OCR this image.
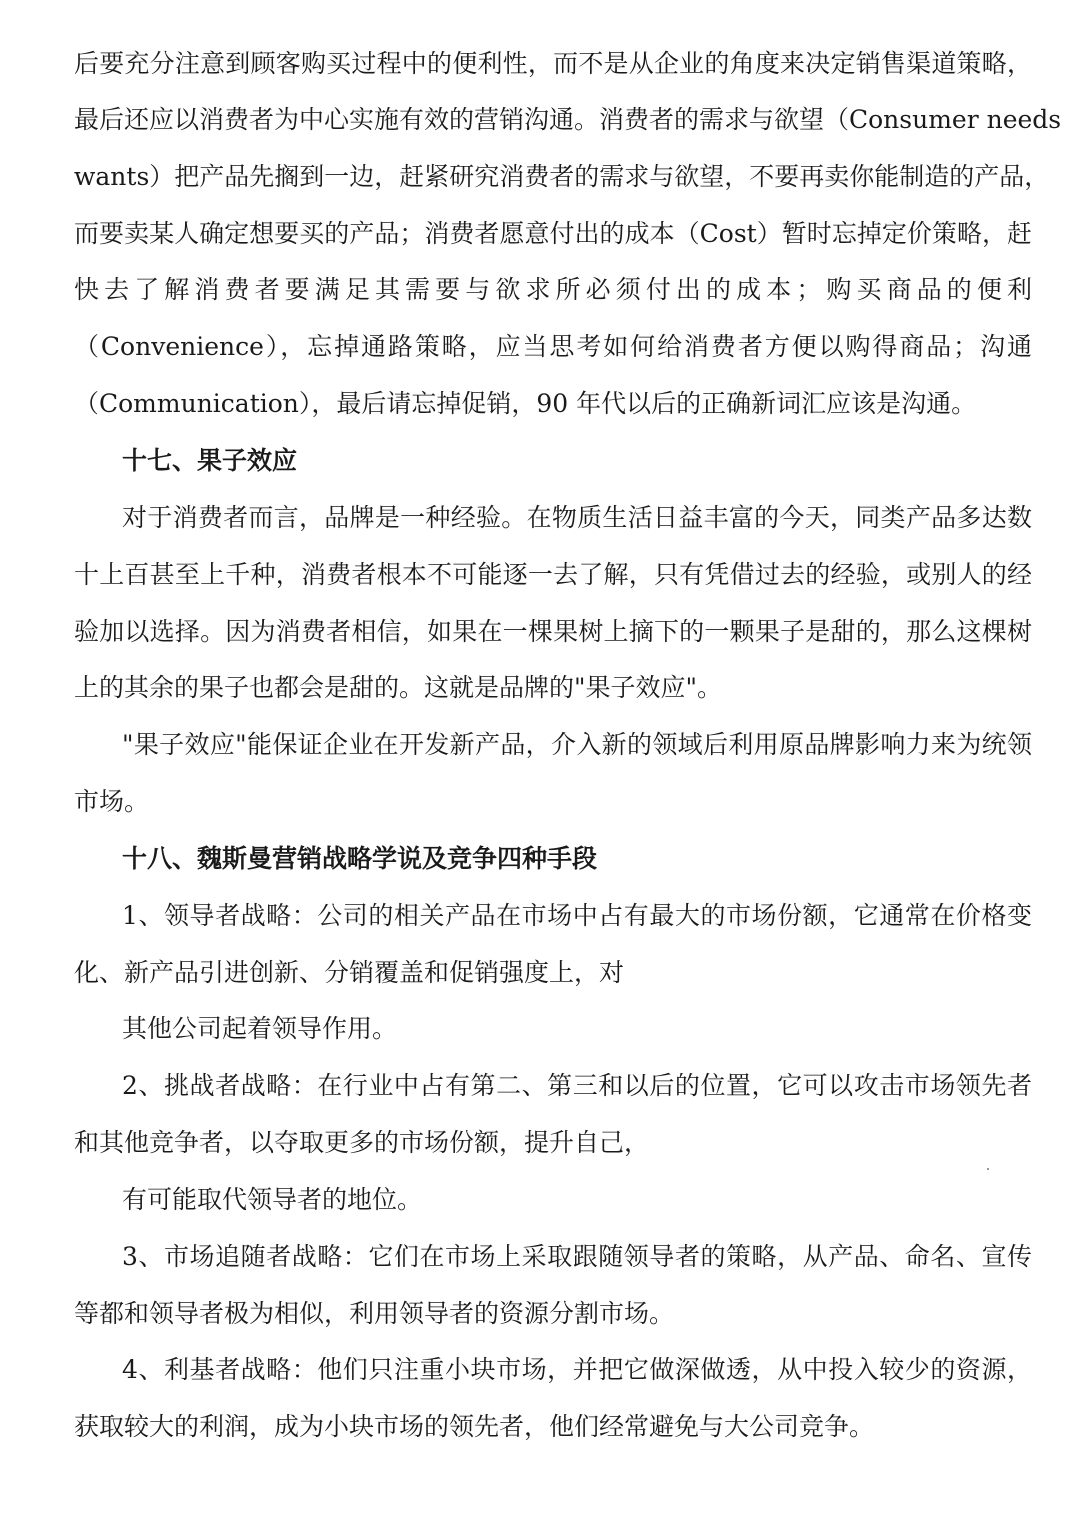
后要充分注意到顾客购买过程中的便利性，而不是从企业的角度来决定销售渠道策略，
最后还应以消费者为中心实施有效的营销沟通。消费者的需求与欲望（Consumer needs
wants）把产品先搁到一边，赶紧研究消费者的需求与欲望，不要再卖你能制造的产品，
而要卖某人确定想要买的产品；消费者愿意付出的成本（Cost）暂时忘掉定价策略，赶
快去了解消费者要满足其需要与欲求所必须付出的成本；购买商品的便利
（Convenience），忘掉通路策略，应当思考如何给消费者方便以购得商品；沟通
（Communication），最后请忘掉促销，90 年代以后的正确新词汇应该是沟通。
十七、果子效应
对于消费者而言，品牌是一种经验。在物质生活日益丰富的今天，同类产品多达数
十上百甚至上千种，消费者根本不可能逐一去了解，只有凭借过去的经验，或别人的经
验加以选择。因为消费者相信，如果在一棵果树上摘下的一颗果子是甜的，那么这棵树
上的其余的果子也都会是甜的。这就是品牌的"果子效应"。
"果子效应"能保证企业在开发新产品，介入新的领域后利用原品牌影响力来为统领
市场。
十八、魏斯曼营销战略学说及竞争四种手段
1、领导者战略：公司的相关产品在市场中占有最大的市场份额，它通常在价格变
化、新产品引进创新、分销覆盖和促销强度上，对
其他公司起着领导作用。
2、挑战者战略：在行业中占有第二、第三和以后的位置，它可以攻击市场领先者
和其他竞争者，以夺取更多的市场份额，提升自己，
有可能取代领导者的地位。
3、市场追随者战略：它们在市场上采取跟随领导者的策略，从产品、命名、宣传
等都和领导者极为相似，利用领导者的资源分割市场。
4、利基者战略：他们只注重小块市场，并把它做深做透，从中投入较少的资源，
获取较大的利润，成为小块市场的领先者，他们经常避免与大公司竞争。
